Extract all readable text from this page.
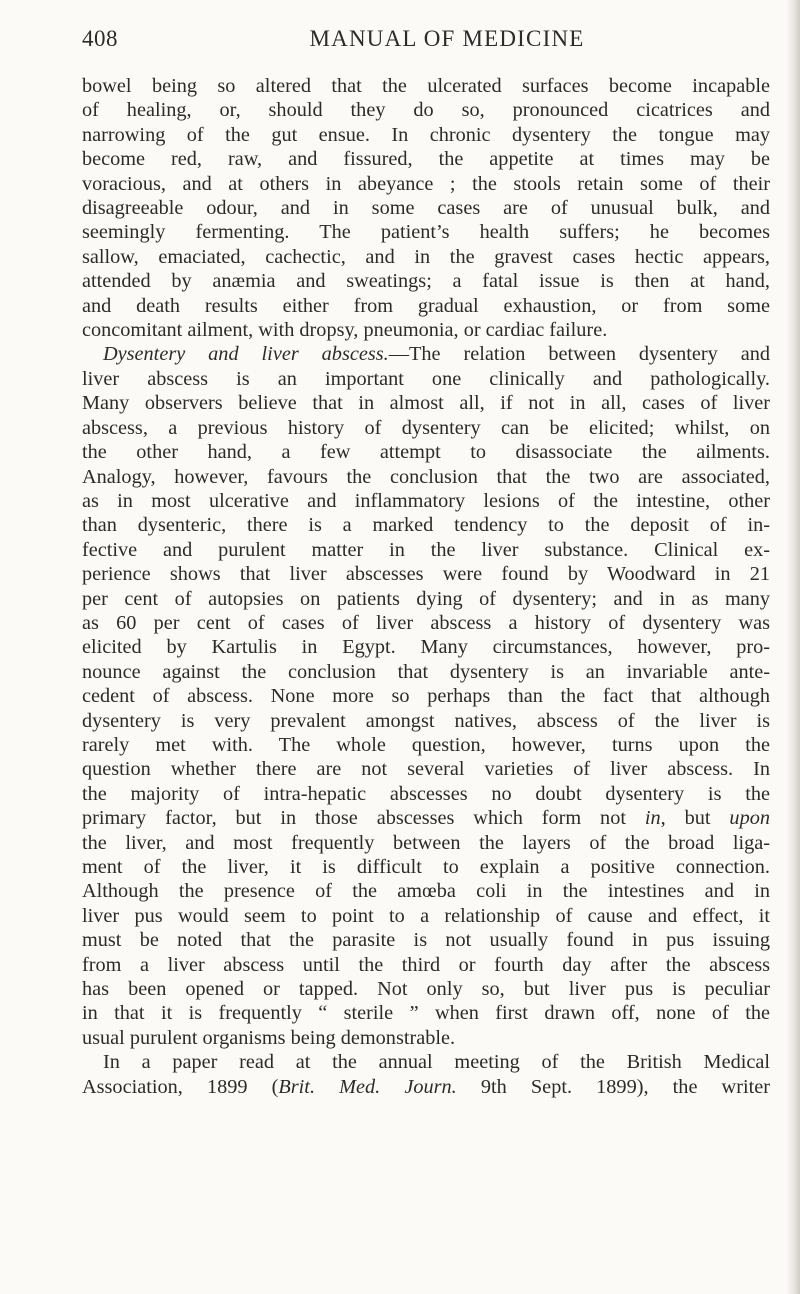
408	MANUAL OF MEDICINE
bowel being so altered that the ulcerated surfaces become incapable
of healing, or, should they do so, pronounced cicatrices and
narrowing of the gut ensue. In chronic dysentery the tongue may
become red, raw, and fissured, the appetite at times may be
voracious, and at others in abeyance ; the stools retain some of their
disagreeable odour, and in some cases are of unusual bulk, and
seemingly fermenting. The patient’s health suffers; he becomes
sallow, emaciated, cachectic, and in the gravest cases hectic appears,
attended by anæmia and sweatings; a fatal issue is then at hand,
and death results either from gradual exhaustion, or from some
concomitant ailment, with dropsy, pneumonia, or cardiac failure.
Dysentery and liver abscess.—The relation between dysentery and
liver abscess is an important one clinically and pathologically.
Many observers believe that in almost all, if not in all, cases of liver
abscess, a previous history of dysentery can be elicited; whilst, on
the other hand, a few attempt to disassociate the ailments.
Analogy, however, favours the conclusion that the two are associated,
as in most ulcerative and inflammatory lesions of the intestine, other
than dysenteric, there is a marked tendency to the deposit of in-
fective and purulent matter in the liver substance. Clinical ex-
perience shows that liver abscesses were found by Woodward in 21
per cent of autopsies on patients dying of dysentery; and in as many
as 60 per cent of cases of liver abscess a history of dysentery was
elicited by Kartulis in Egypt. Many circumstances, however, pro-
nounce against the conclusion that dysentery is an invariable ante-
cedent of abscess. None more so perhaps than the fact that although
dysentery is very prevalent amongst natives, abscess of the liver is
rarely met with. The whole question, however, turns upon the
question whether there are not several varieties of liver abscess. In
the majority of intra-hepatic abscesses no doubt dysentery is the
primary factor, but in those abscesses which form not in, but upon
the liver, and most frequently between the layers of the broad liga-
ment of the liver, it is difficult to explain a positive connection.
Although the presence of the amœba coli in the intestines and in
liver pus would seem to point to a relationship of cause and effect, it
must be noted that the parasite is not usually found in pus issuing
from a liver abscess until the third or fourth day after the abscess
has been opened or tapped. Not only so, but liver pus is peculiar
in that it is frequently “ sterile ” when first drawn off, none of the
usual purulent organisms being demonstrable.
In a paper read at the annual meeting of the British Medical
Association, 1899 (Brit. Med. Journ. 9th Sept. 1899), the writer
